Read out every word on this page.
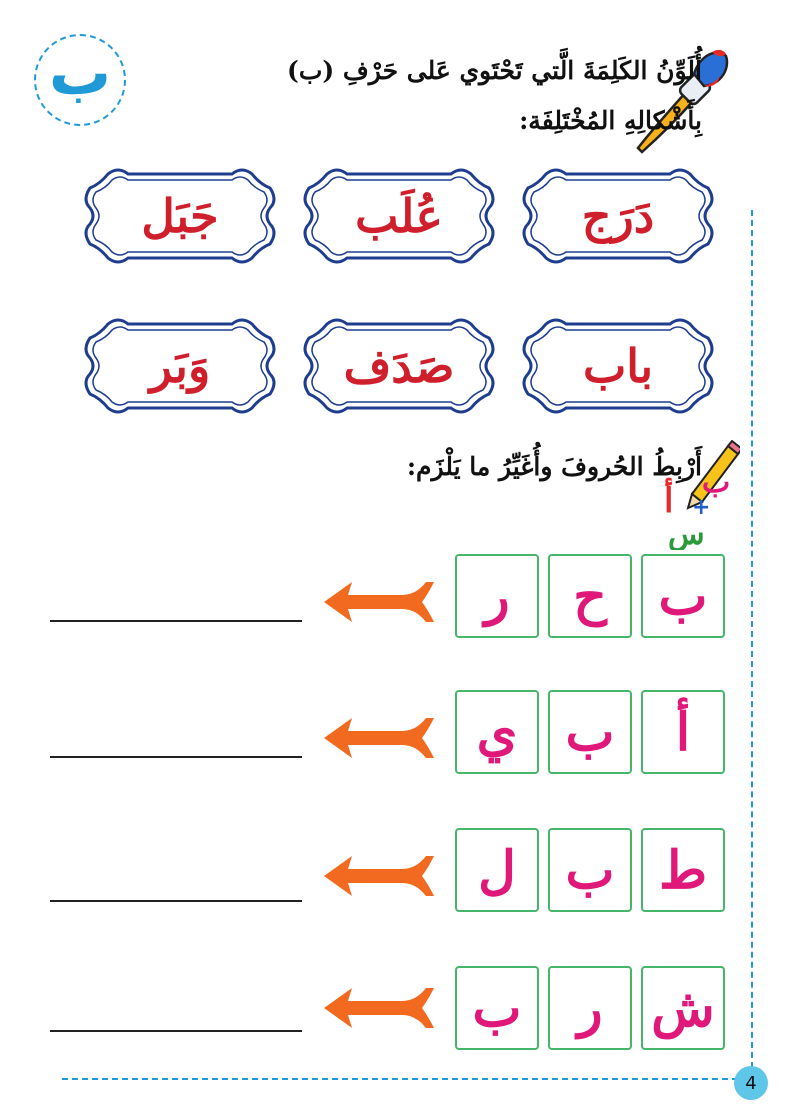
ب	أُلَوِّنُ الكَلِمَةَ الَّتي تَحْتَوي عَلى حَرْفِ (ب)
بِأَشْكالِهِ المُخْتَلِفَة:
دَرَج
عُلَب
جَبَل
باب
صَدَف
وَبَر
ب
+
أ
س
أَرْبِطُ الحُروفَ وأُغَيِّرُ ما يَلْزَم:
ب
ح
ر
أ
ب
ي
ط
ب
ل
ش
ر
ب
4
